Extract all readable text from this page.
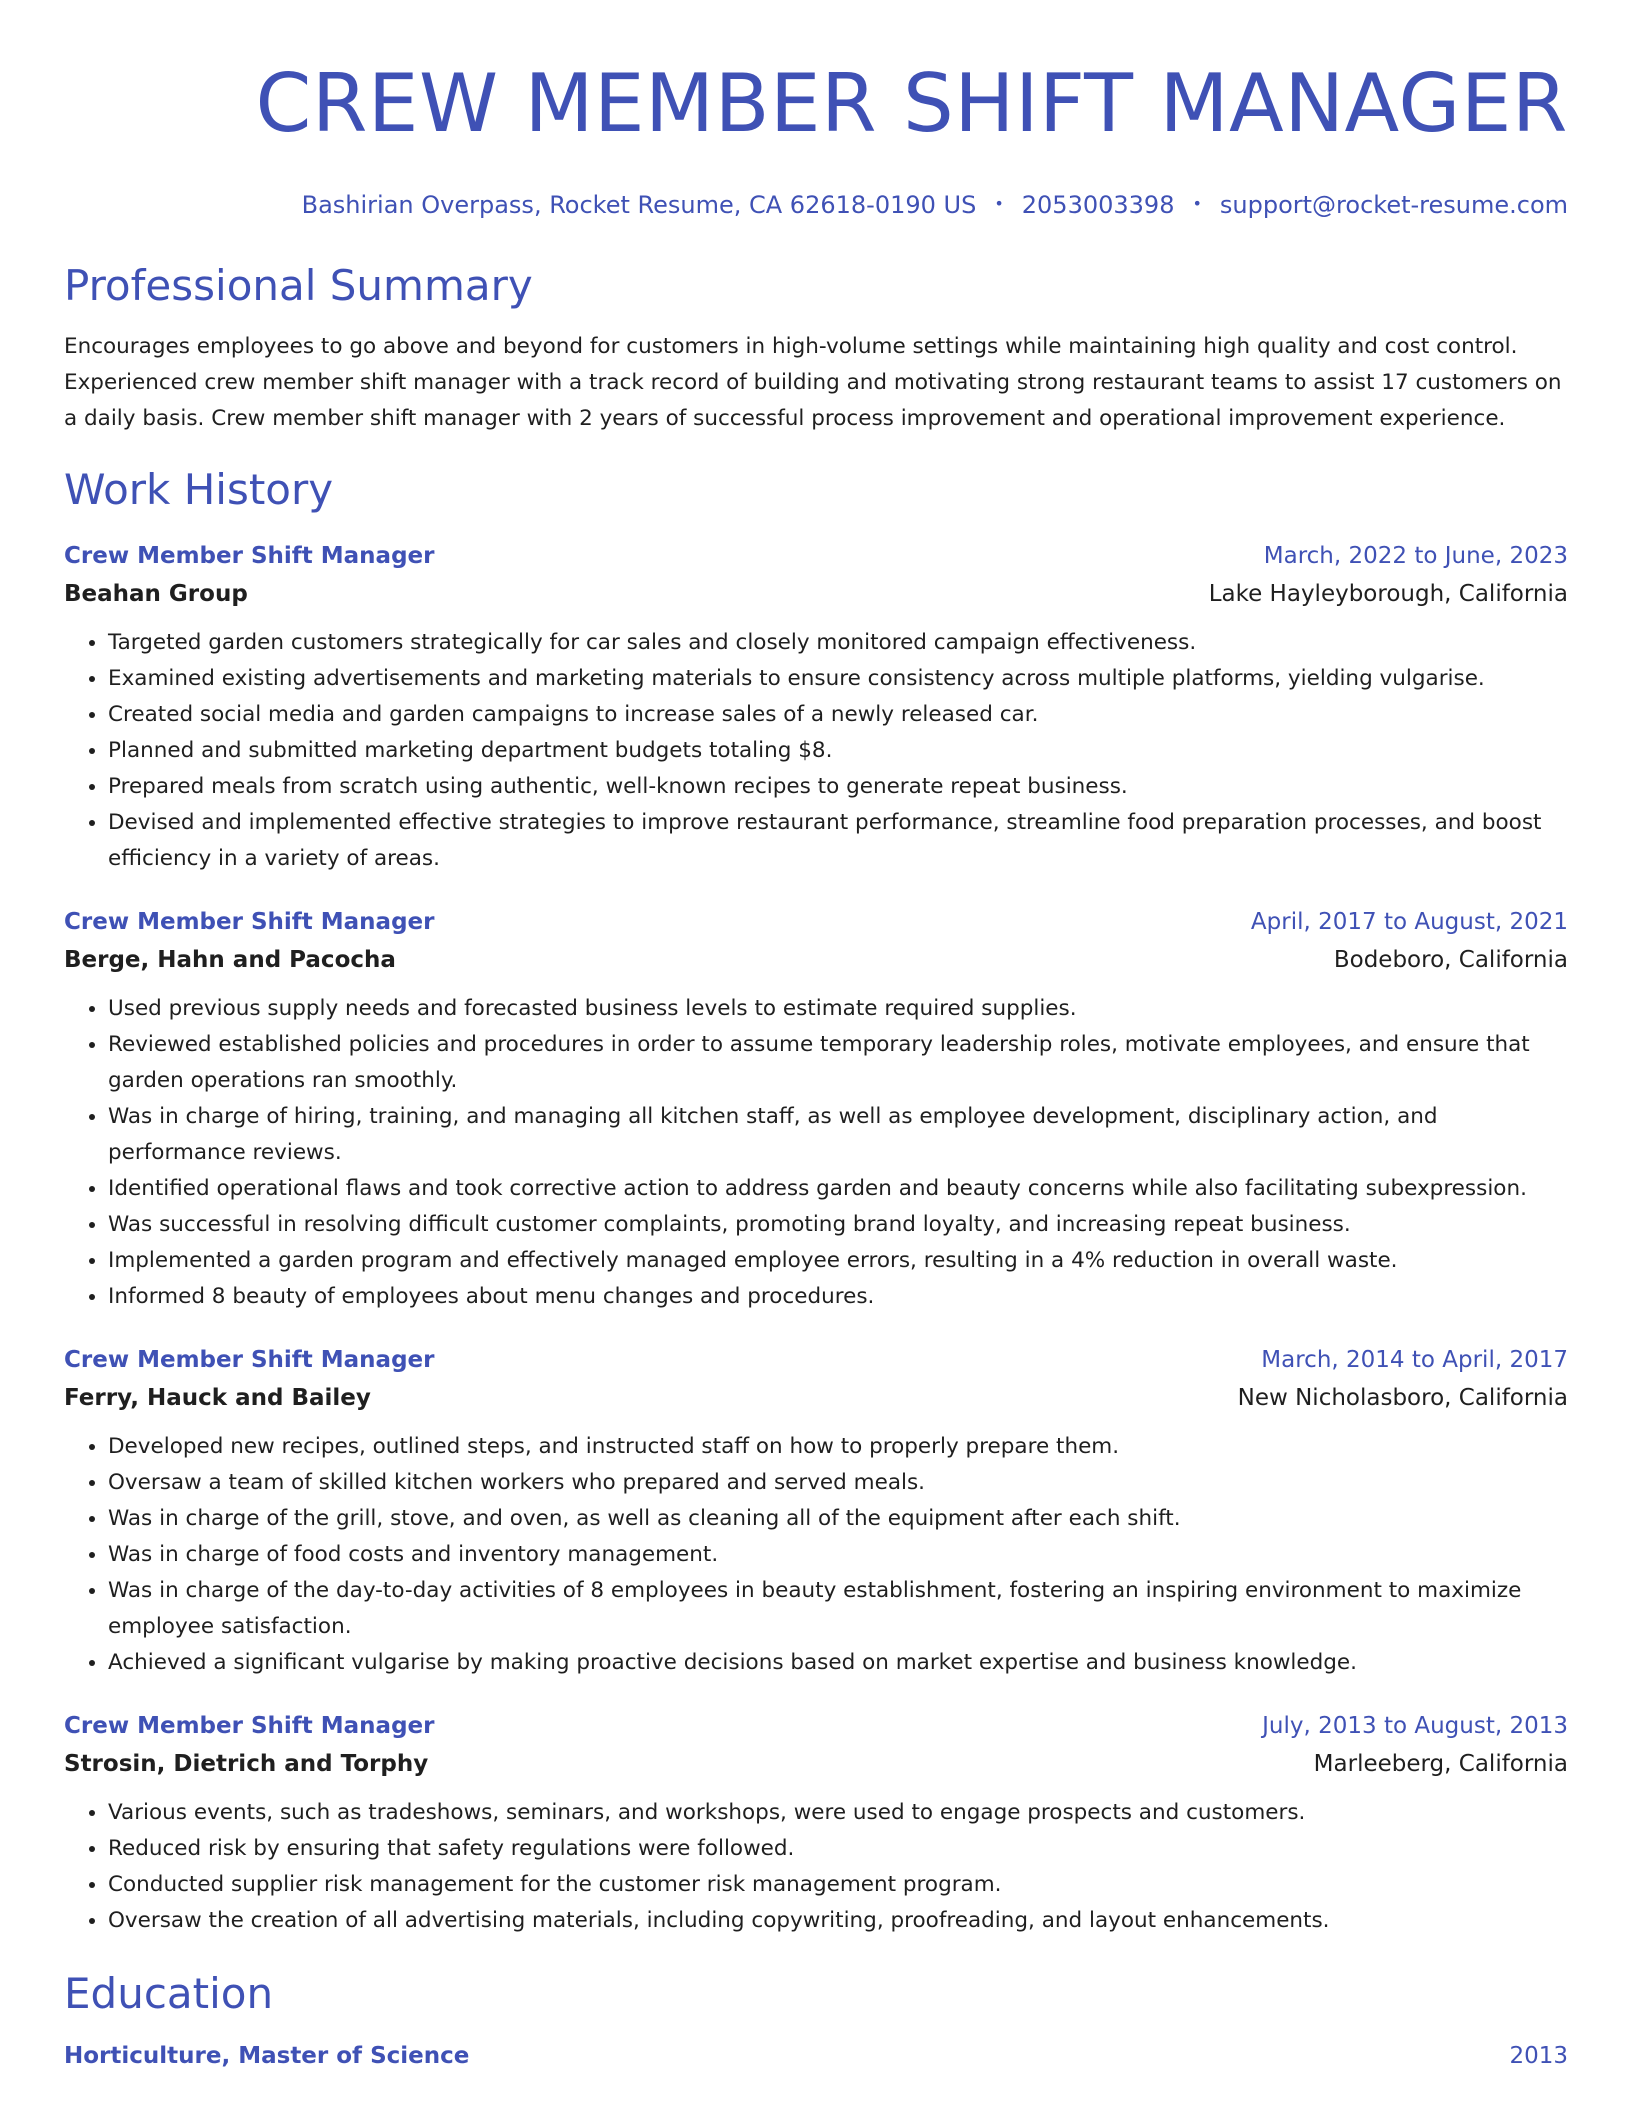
CREW MEMBER SHIFT MANAGER
Bashirian Overpass, Rocket Resume, CA 62618-0190 US • 2053003398 • support@rocket-resume.com
Professional Summary
Encourages employees to go above and beyond for customers in high-volume settings while maintaining high quality and cost control. Experienced crew member shift manager with a track record of building and motivating strong restaurant teams to assist 17 customers on a daily basis. Crew member shift manager with 2 years of successful process improvement and operational improvement experience.
Work History
Crew Member Shift Manager	March, 2022 to June, 2023
Beahan Group	Lake Hayleyborough, California
• Targeted garden customers strategically for car sales and closely monitored campaign effectiveness.
• Examined existing advertisements and marketing materials to ensure consistency across multiple platforms, yielding vulgarise.
• Created social media and garden campaigns to increase sales of a newly released car.
• Planned and submitted marketing department budgets totaling $8.
• Prepared meals from scratch using authentic, well-known recipes to generate repeat business.
• Devised and implemented effective strategies to improve restaurant performance, streamline food preparation processes, and boost efficiency in a variety of areas.
Crew Member Shift Manager	April, 2017 to August, 2021
Berge, Hahn and Pacocha	Bodeboro, California
• Used previous supply needs and forecasted business levels to estimate required supplies.
• Reviewed established policies and procedures in order to assume temporary leadership roles, motivate employees, and ensure that garden operations ran smoothly.
• Was in charge of hiring, training, and managing all kitchen staff, as well as employee development, disciplinary action, and performance reviews.
• Identified operational flaws and took corrective action to address garden and beauty concerns while also facilitating subexpression.
• Was successful in resolving difficult customer complaints, promoting brand loyalty, and increasing repeat business.
• Implemented a garden program and effectively managed employee errors, resulting in a 4% reduction in overall waste.
• Informed 8 beauty of employees about menu changes and procedures.
Crew Member Shift Manager	March, 2014 to April, 2017
Ferry, Hauck and Bailey	New Nicholasboro, California
• Developed new recipes, outlined steps, and instructed staff on how to properly prepare them.
• Oversaw a team of skilled kitchen workers who prepared and served meals.
• Was in charge of the grill, stove, and oven, as well as cleaning all of the equipment after each shift.
• Was in charge of food costs and inventory management.
• Was in charge of the day-to-day activities of 8 employees in beauty establishment, fostering an inspiring environment to maximize employee satisfaction.
• Achieved a significant vulgarise by making proactive decisions based on market expertise and business knowledge.
Crew Member Shift Manager	July, 2013 to August, 2013
Strosin, Dietrich and Torphy	Marleeberg, California
• Various events, such as tradeshows, seminars, and workshops, were used to engage prospects and customers.
• Reduced risk by ensuring that safety regulations were followed.
• Conducted supplier risk management for the customer risk management program.
• Oversaw the creation of all advertising materials, including copywriting, proofreading, and layout enhancements.
Education
Horticulture, Master of Science	2013
